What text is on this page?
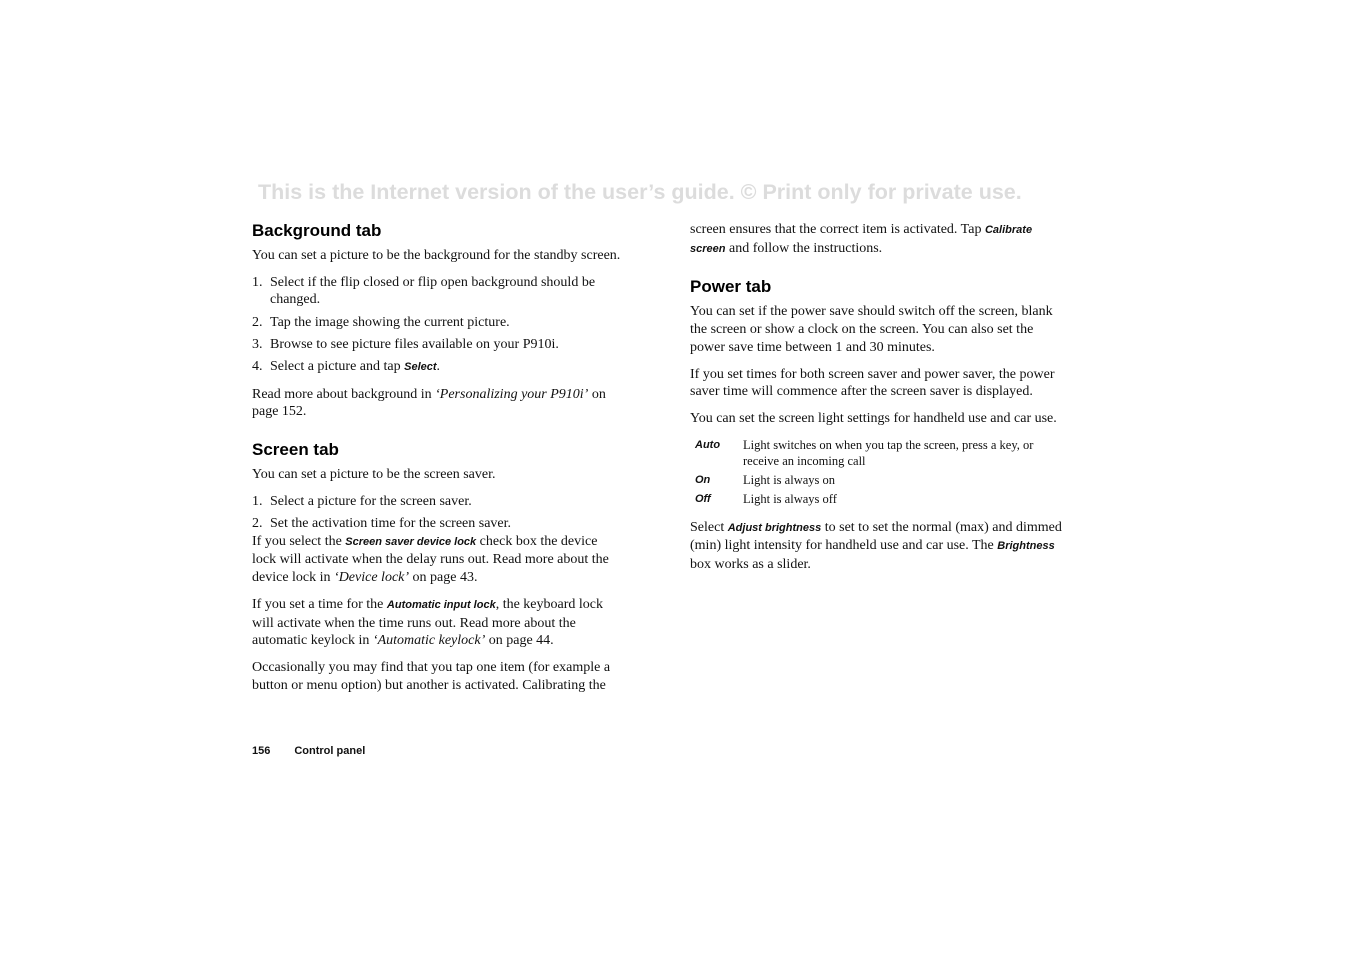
This is the Internet version of the user’s guide. © Print only for private use.

Background tab

You can set a picture to be the background for the standby screen.

1. Select if the flip closed or flip open background should be changed.
2. Tap the image showing the current picture.
3. Browse to see picture files available on your P910i.
4. Select a picture and tap Select.

Read more about background in ‘Personalizing your P910i’ on page 152.

Screen tab

You can set a picture to be the screen saver.

1. Select a picture for the screen saver.
2. Set the activation time for the screen saver.

If you select the Screen saver device lock check box the device lock will activate when the delay runs out. Read more about the device lock in ‘Device lock’ on page 43.

If you set a time for the Automatic input lock, the keyboard lock will activate when the time runs out. Read more about the automatic keylock in ‘Automatic keylock’ on page 44.

Occasionally you may find that you tap one item (for example a button or menu option) but another is activated. Calibrating the

screen ensures that the correct item is activated. Tap Calibrate
screen and follow the instructions.

Power tab

You can set if the power save should switch off the screen, blank the screen or show a clock on the screen. You can also set the power save time between 1 and 30 minutes.

If you set times for both screen saver and power saver, the power saver time will commence after the screen saver is displayed.

You can set the screen light settings for handheld use and car use.

Auto	Light switches on when you tap the screen, press a key, or receive an incoming call
On	Light is always on
Off	Light is always off

Select Adjust brightness to set to set the normal (max) and dimmed (min) light intensity for handheld use and car use. The Brightness box works as a slider.

156 Control panel
